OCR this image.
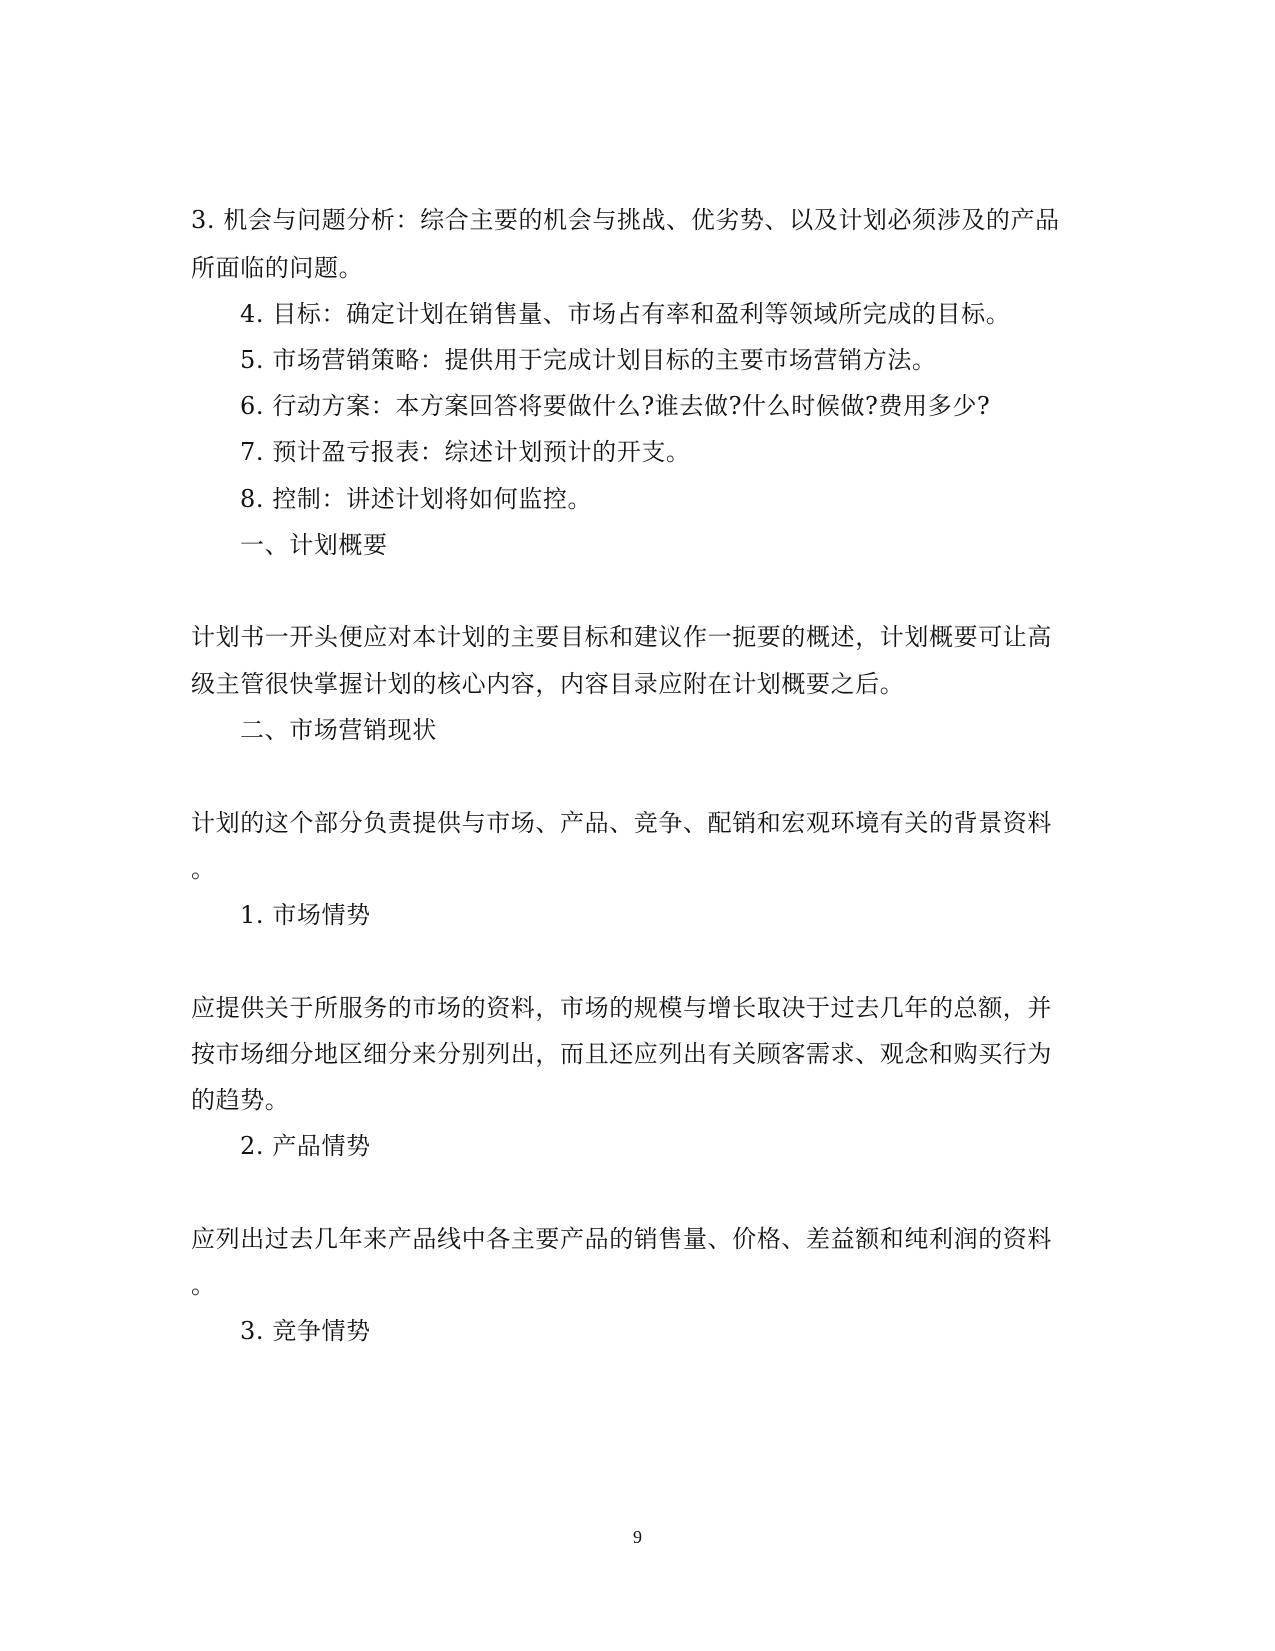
3. 机会与问题分析：综合主要的机会与挑战、优劣势、以及计划必须涉及的产品
所面临的问题。
4. 目标：确定计划在销售量、市场占有率和盈利等领域所完成的目标。
5. 市场营销策略：提供用于完成计划目标的主要市场营销方法。
6. 行动方案：本方案回答将要做什么?谁去做?什么时候做?费用多少?
7. 预计盈亏报表：综述计划预计的开支。
8. 控制：讲述计划将如何监控。
一、计划概要
计划书一开头便应对本计划的主要目标和建议作一扼要的概述，计划概要可让高
级主管很快掌握计划的核心内容，内容目录应附在计划概要之后。
二、市场营销现状
计划的这个部分负责提供与市场、产品、竞争、配销和宏观环境有关的背景资料
。
1. 市场情势
应提供关于所服务的市场的资料，市场的规模与增长取决于过去几年的总额，并
按市场细分地区细分来分别列出，而且还应列出有关顾客需求、观念和购买行为
的趋势。
2. 产品情势
应列出过去几年来产品线中各主要产品的销售量、价格、差益额和纯利润的资料
。
3. 竞争情势
9
